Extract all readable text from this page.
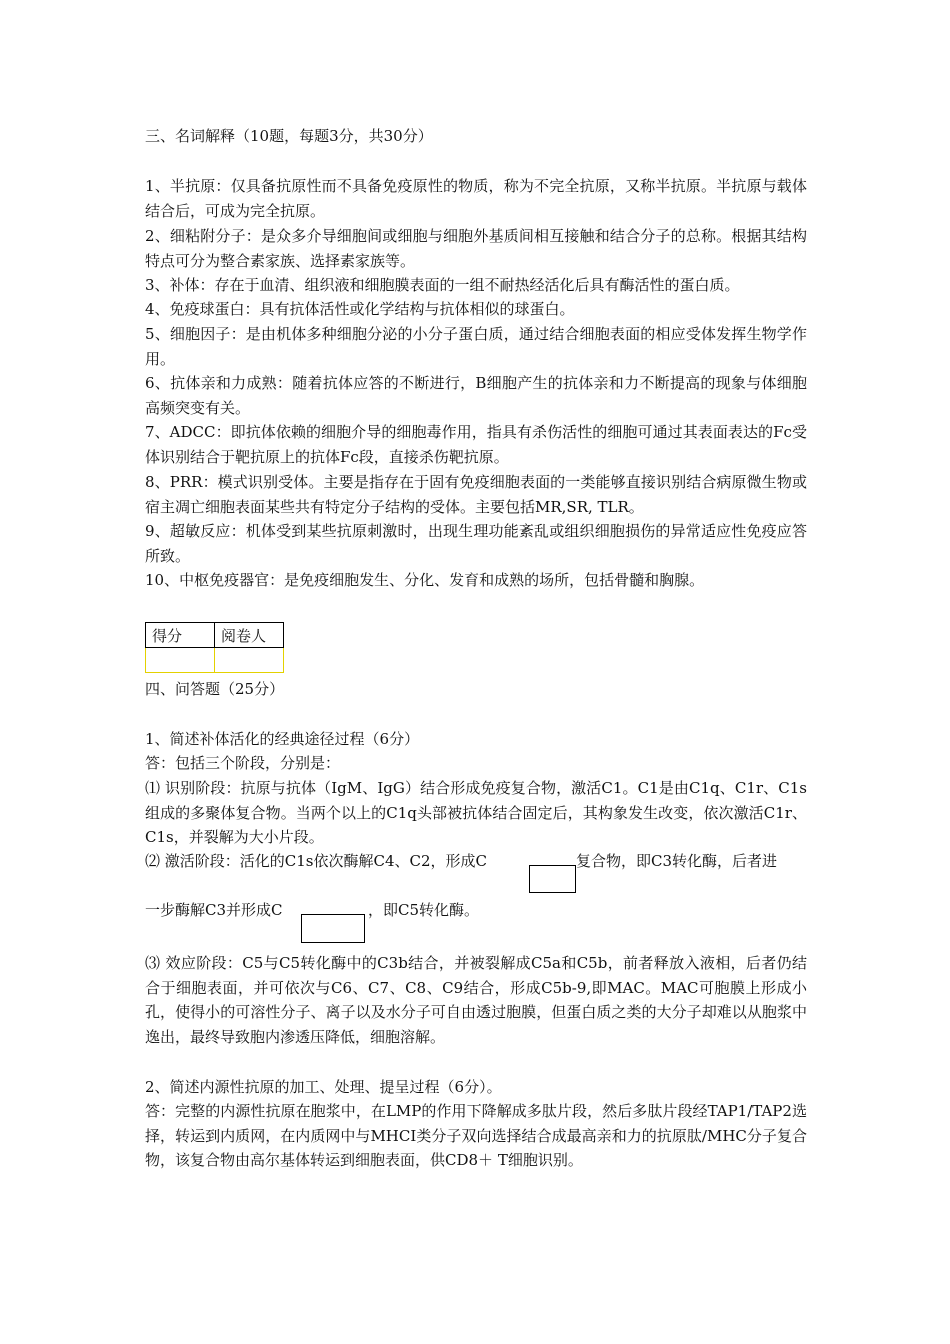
三、名词解释（10题，每题3分，共30分）

1、半抗原：仅具备抗原性而不具备免疫原性的物质，称为不完全抗原，又称半抗原。半抗原与载体结合后，可成为完全抗原。

2、细粘附分子：是众多介导细胞间或细胞与细胞外基质间相互接触和结合分子的总称。根据其结构特点可分为整合素家族、选择素家族等。

3、补体：存在于血清、组织液和细胞膜表面的一组不耐热经活化后具有酶活性的蛋白质。

4、免疫球蛋白：具有抗体活性或化学结构与抗体相似的球蛋白。

5、细胞因子：是由机体多种细胞分泌的小分子蛋白质，通过结合细胞表面的相应受体发挥生物学作用。

6、抗体亲和力成熟：随着抗体应答的不断进行，B细胞产生的抗体亲和力不断提高的现象与体细胞高频突变有关。

7、ADCC：即抗体依赖的细胞介导的细胞毒作用，指具有杀伤活性的细胞可通过其表面表达的Fc受体识别结合于靶抗原上的抗体Fc段，直接杀伤靶抗原。

8、PRR：模式识别受体。主要是指存在于固有免疫细胞表面的一类能够直接识别结合病原微生物或宿主凋亡细胞表面某些共有特定分子结构的受体。主要包括MR,SR, TLR。

9、超敏反应：机体受到某些抗原刺激时，出现生理功能紊乱或组织细胞损伤的异常适应性免疫应答所致。

10、中枢免疫器官：是免疫细胞发生、分化、发育和成熟的场所，包括骨髓和胸腺。

得分	阅卷人

四、问答题（25分）
1、简述补体活化的经典途径过程（6分）
答：包括三个阶段，分别是：

⑴ 识别阶段：抗原与抗体（IgM、IgG）结合形成免疫复合物，激活C1。C1是由C1q、C1r、C1s组成的多聚体复合物。当两个以上的C1q头部被抗体结合固定后，其构象发生改变，依次激活C1r、C1s，并裂解为大小片段。

⑵ 激活阶段：活化的C1s依次酶解C4、C2，形成C	复合物，即C3转化酶，后者进
一步酶解C3并形成C	，即C5转化酶。

⑶ 效应阶段：C5与C5转化酶中的C3b结合，并被裂解成C5a和C5b，前者释放入液相，后者仍结合于细胞表面，并可依次与C6、C7、C8、C9结合，形成C5b-9,即MAC。MAC可胞膜上形成小孔，使得小的可溶性分子、离子以及水分子可自由透过胞膜，但蛋白质之类的大分子却难以从胞浆中逸出，最终导致胞内渗透压降低，细胞溶解。

2、简述内源性抗原的加工、处理、提呈过程（6分）。

答：完整的内源性抗原在胞浆中，在LMP的作用下降解成多肽片段，然后多肽片段经TAP1/TAP2选择，转运到内质网，在内质网中与MHCⅠ类分子双向选择结合成最高亲和力的抗原肽/MHC分子复合物，该复合物由高尔基体转运到细胞表面，供CD8＋ T细胞识别。
